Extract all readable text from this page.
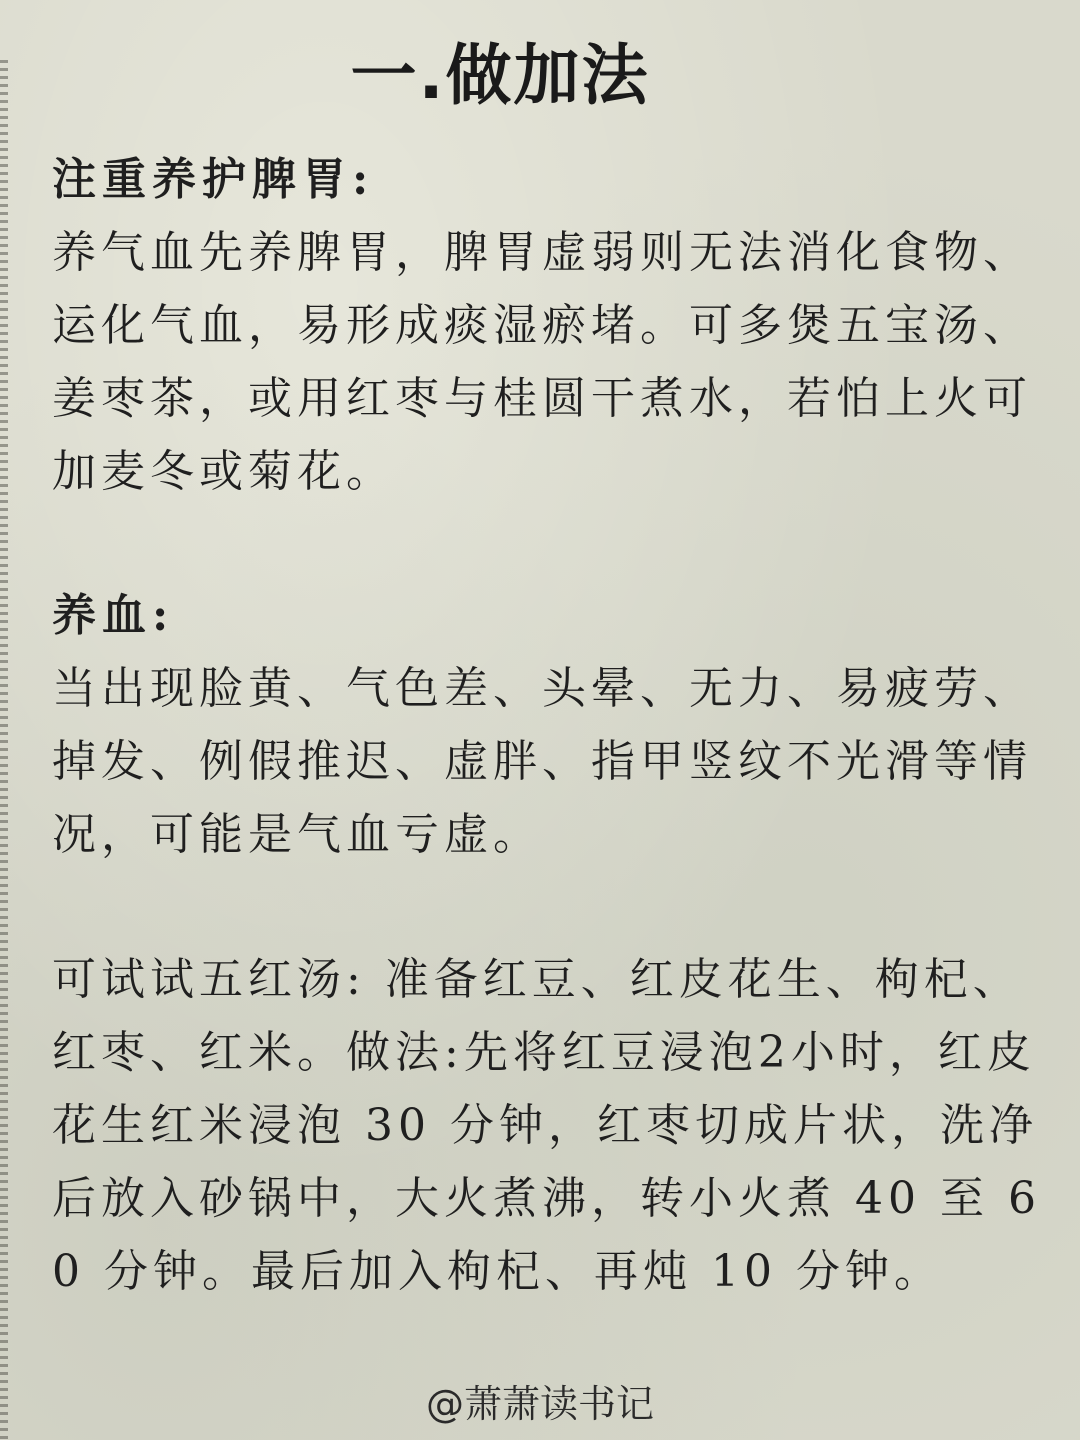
一.做加法
注重养护脾胃:
养气血先养脾胃，脾胃虚弱则无法消化食物、运化气血，易形成痰湿瘀堵。可多煲五宝汤、姜枣茶，或用红枣与桂圆干煮水，若怕上火可加麦冬或菊花。
养血:
当出现脸黄、气色差、头晕、无力、易疲劳、掉发、例假推迟、虚胖、指甲竖纹不光滑等情况，可能是气血亏虚。
可试试五红汤: 准备红豆、红皮花生、枸杞、红枣、红米。做法:先将红豆浸泡2小时，红皮花生红米浸泡 30 分钟，红枣切成片状，洗净后放入砂锅中，大火煮沸，转小火煮 40 至 60 分钟。最后加入枸杞、再炖 10 分钟。
@萧萧读书记
